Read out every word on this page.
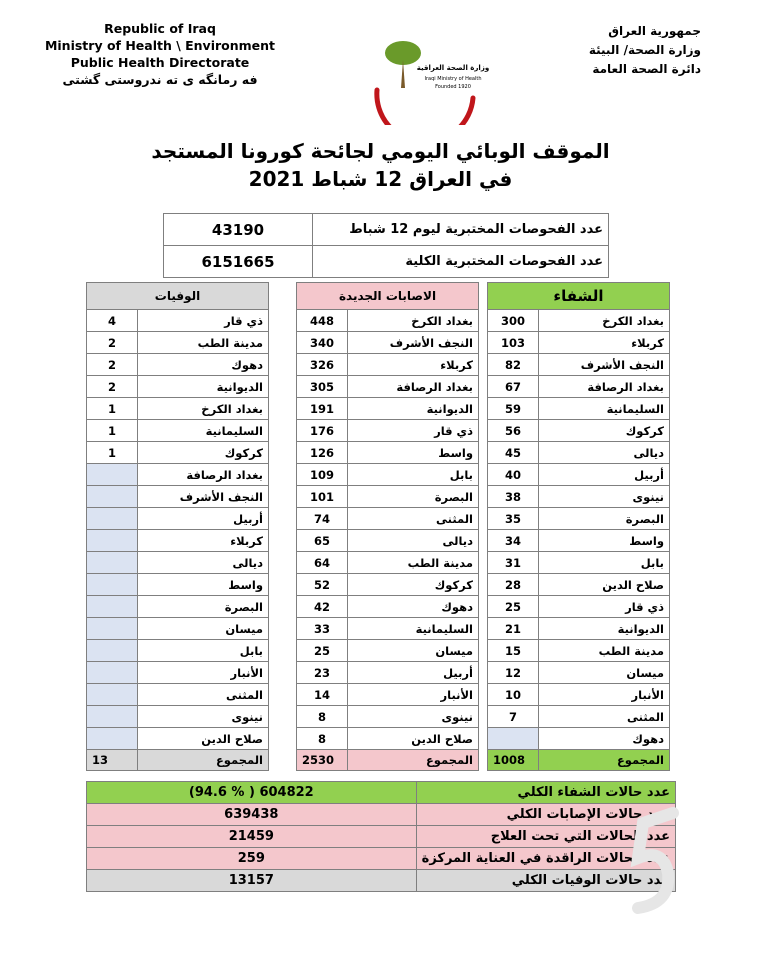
Republic of Iraq
Ministry of Health \ Environment
Public Health Directorate
فه رمانگه ى ته ندروستى گشتى
وزارة الصحة العراقية
Iraqi Ministry of Health
Founded 1920
جمهورية العراق
وزارة الصحة/ البيئة
دائرة الصحة العامة
الموقف الوبائي اليومي لجائحة كورونا المستجد
في العراق 12 شباط 2021
43190	عدد الفحوصات المختبرية ليوم 12 شباط
6151665	عدد الفحوصات المختبرية الكلية
الوفيات	
4	ذي قار
2	مدينة الطب
2	دهوك
2	الديوانية
1	بغداد الكرخ
1	السليمانية
1	كركوك
	بغداد الرصافة
	النجف الأشرف
	أربيل
	كربلاء
	ديالى
	واسط
	البصرة
	ميسان
	بابل
	الأنبار
	المثنى
	نينوى
	صلاح الدين
13	المجموع
الاصابات الجديدة	
448	بغداد الكرخ
340	النجف الأشرف
326	كربلاء
305	بغداد الرصافة
191	الديوانية
176	ذي قار
126	واسط
109	بابل
101	البصرة
74	المثنى
65	ديالى
64	مدينة الطب
52	كركوك
42	دهوك
33	السليمانية
25	ميسان
23	أربيل
14	الأنبار
8	نينوى
8	صلاح الدين
2530	المجموع
الشفاء	
300	بغداد الكرخ
103	كربلاء
82	النجف الأشرف
67	بغداد الرصافة
59	السليمانية
56	كركوك
45	ديالى
40	أربيل
38	نينوى
35	البصرة
34	واسط
31	بابل
28	صلاح الدين
25	ذي قار
21	الديوانية
15	مدينة الطب
12	ميسان
10	الأنبار
7	المثنى
	دهوك
1008	المجموع
(94.6 % ) 604822	عدد حالات الشفاء الكلي
639438	عدد حالات الإصابات الكلي
21459	عدد الحالات التي تحت العلاج
259	عدد الحالات الراقدة في العناية المركزة
13157	عدد حالات الوفيات الكلي
